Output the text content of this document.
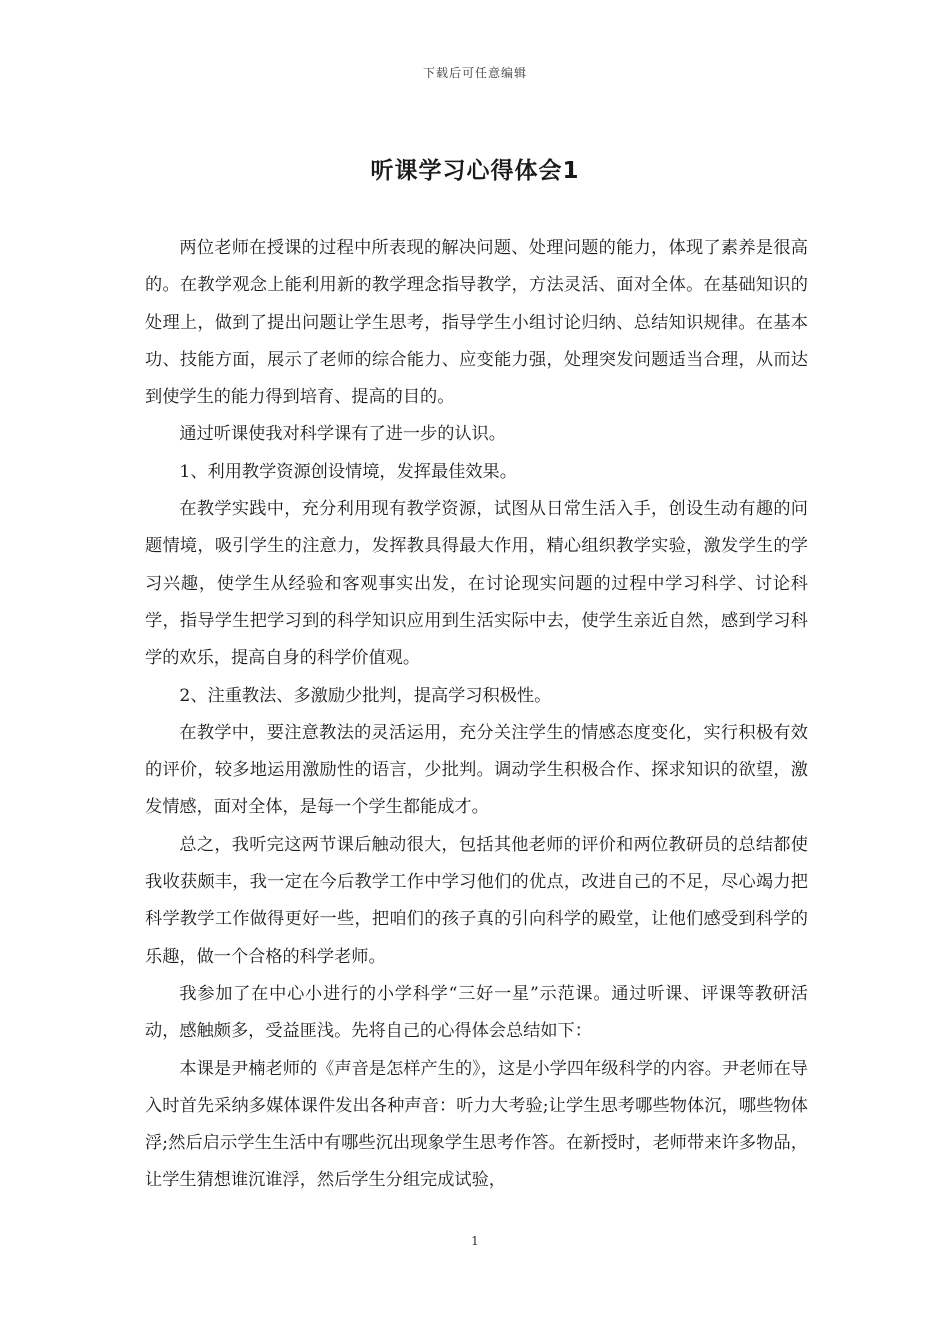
下载后可任意编辑
听课学习心得体会1

两位老师在授课的过程中所表现的解决问题、处理问题的能力，体现了素养是很高的。在教学观念上能利用新的教学理念指导教学，方法灵活、面对全体。在基础知识的处理上，做到了提出问题让学生思考，指导学生小组讨论归纳、总结知识规律。在基本功、技能方面，展示了老师的综合能力、应变能力强，处理突发问题适当合理，从而达到使学生的能力得到培育、提高的目的。

通过听课使我对科学课有了进一步的认识。

1、利用教学资源创设情境，发挥最佳效果。

在教学实践中，充分利用现有教学资源，试图从日常生活入手，创设生动有趣的问题情境，吸引学生的注意力，发挥教具得最大作用，精心组织教学实验，激发学生的学习兴趣，使学生从经验和客观事实出发，在讨论现实问题的过程中学习科学、讨论科学，指导学生把学习到的科学知识应用到生活实际中去，使学生亲近自然，感到学习科学的欢乐，提高自身的科学价值观。

2、注重教法、多激励少批判，提高学习积极性。

在教学中，要注意教法的灵活运用，充分关注学生的情感态度变化，实行积极有效的评价，较多地运用激励性的语言，少批判。调动学生积极合作、探求知识的欲望，激发情感，面对全体，是每一个学生都能成才。

总之，我听完这两节课后触动很大，包括其他老师的评价和两位教研员的总结都使我收获颇丰，我一定在今后教学工作中学习他们的优点，改进自己的不足，尽心竭力把科学教学工作做得更好一些，把咱们的孩子真的引向科学的殿堂，让他们感受到科学的乐趣，做一个合格的科学老师。

我参加了在中心小进行的小学科学“三好一星”示范课。通过听课、评课等教研活动，感触颇多，受益匪浅。先将自己的心得体会总结如下：

本课是尹楠老师的《声音是怎样产生的》，这是小学四年级科学的内容。尹老师在导入时首先采纳多媒体课件发出各种声音：听力大考验;让学生思考哪些物体沉，哪些物体浮;然后启示学生生活中有哪些沉出现象学生思考作答。在新授时，老师带来许多物品，让学生猜想谁沉谁浮，然后学生分组完成试验，

1
